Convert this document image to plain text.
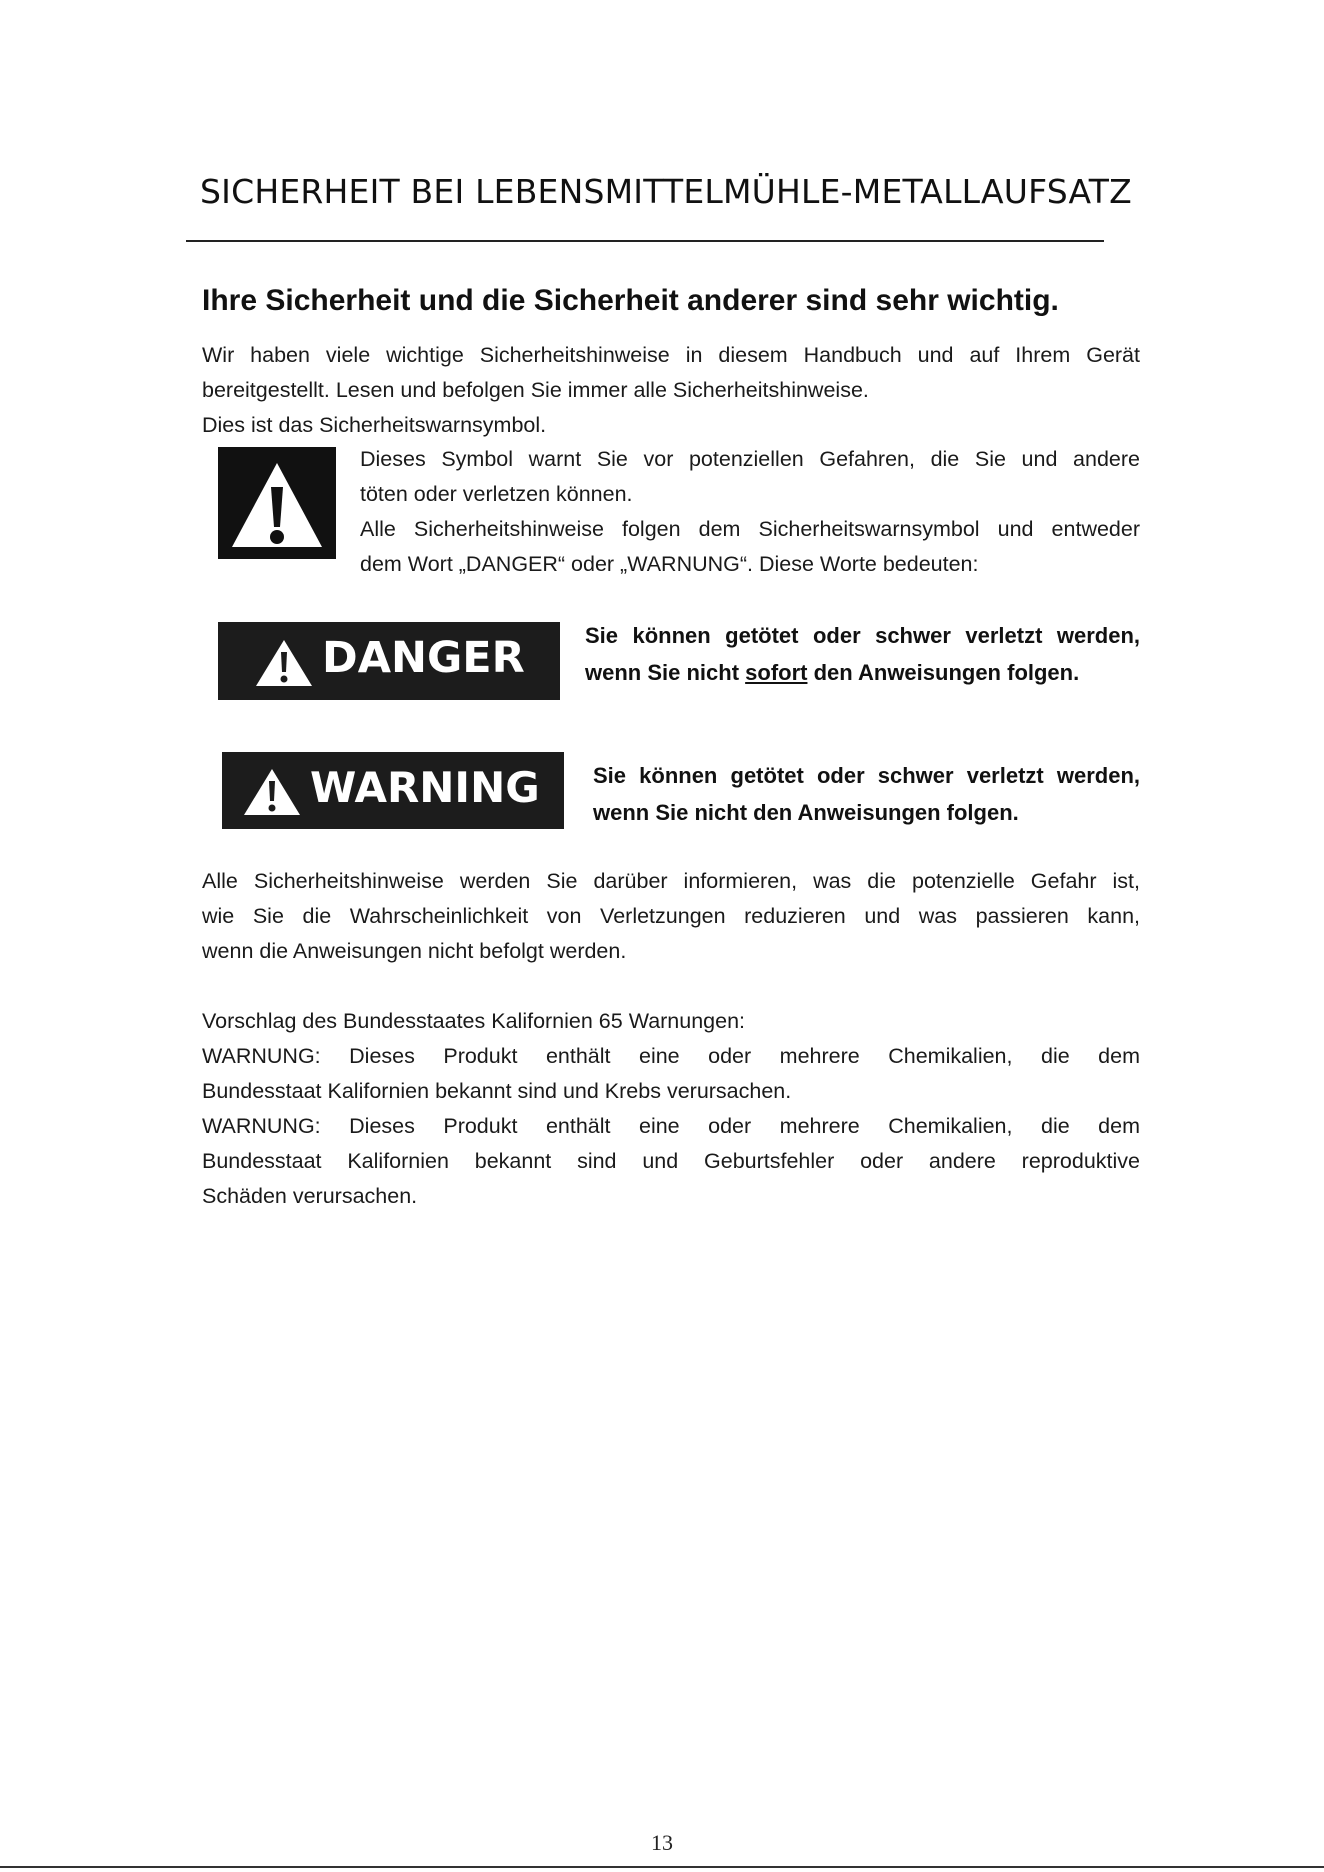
SICHERHEIT BEI LEBENSMITTELMÜHLE-METALLAUFSATZ
Ihre Sicherheit und die Sicherheit anderer sind sehr wichtig.
Wir haben viele wichtige Sicherheitshinweise in diesem Handbuch und auf Ihrem Gerät
bereitgestellt. Lesen und befolgen Sie immer alle Sicherheitshinweise.
Dies ist das Sicherheitswarnsymbol.
Dieses Symbol warnt Sie vor potenziellen Gefahren, die Sie und andere
töten oder verletzen können.
Alle Sicherheitshinweise folgen dem Sicherheitswarnsymbol und entweder
dem Wort „DANGER“ oder „WARNUNG“. Diese Worte bedeuten:
DANGER	Sie können getötet oder schwer verletzt werden,
wenn Sie nicht sofort den Anweisungen folgen.
WARNING Sie können getötet oder schwer verletzt werden,
wenn Sie nicht den Anweisungen folgen.
Alle Sicherheitshinweise werden Sie darüber informieren, was die potenzielle Gefahr ist,
wie Sie die Wahrscheinlichkeit von Verletzungen reduzieren und was passieren kann,
wenn die Anweisungen nicht befolgt werden.
Vorschlag des Bundesstaates Kalifornien 65 Warnungen:
WARNUNG: Dieses Produkt enthält eine oder mehrere Chemikalien, die dem
Bundesstaat Kalifornien bekannt sind und Krebs verursachen.
WARNUNG: Dieses Produkt enthält eine oder mehrere Chemikalien, die dem
Bundesstaat Kalifornien bekannt sind und Geburtsfehler oder andere reproduktive
Schäden verursachen.
13
